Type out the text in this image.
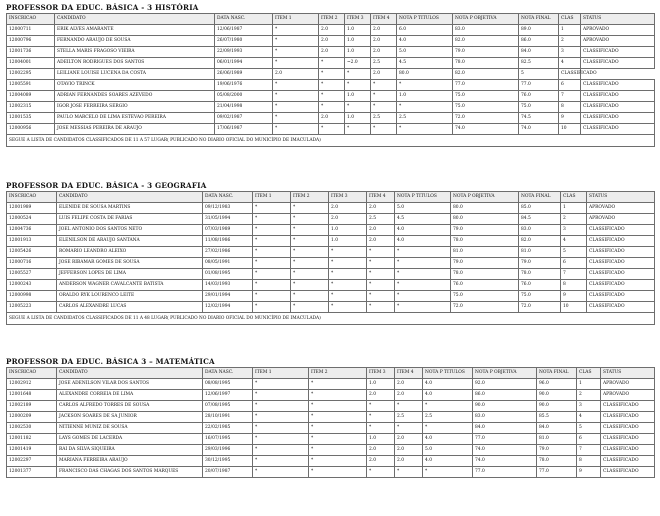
PROFESSOR DA EDUC. BÁSICA - 3 HISTÓRIA
INSCRICAO	CANDIDATO	DATA NASC.	ITEM 1	ITEM 2	ITEM 3	ITEM 4	NOTA P TITULOS	NOTA P OBJETIVA	NOTA FINAL	CLAS	STATUS
12000711	ERIK ALVES AMARANTE	12/06/1987	*	2.0	1.0	2.0	6.0	83.0	89.0	1	APROVADO
12000796	FERNANDO ARAUJO DE SOUSA	26/07/1980	*	2.0	1.0	2.0	4.0	82.0	86.0	2	APROVADO
12001736	STELLA MARIS FRAGOSO VIEIRA	22/09/1993	*	2.0	1.0	2.0	5.0	79.0	84.0	3	CLASSIFICADO
12004001	ADEILTON RODRIGUES DOS SANTOS	06/01/1994	*	*	~2.0	2.5	4.5	78.0	82.5	4	CLASSIFICADO
12002295	LEILIANE LOUISE LUCENA DA COSTA	26/06/1989	2.0	*	*	2.0	80.0	82.0	5	CLASSIFICADO	
12005591	OTAVIO TRINCK	19/06/1976	*	*	*	*	*	77.0	77.0	6	CLASSIFICADO
12004089	ADRIAN FERNANDES SOARES AZEVEDO	05/08/2000	*	*	1.0	*	1.0	75.0	76.0	7	CLASSIFICADO
12002315	IGOR JOSE FERREIRA SERGIO	21/04/1998	*	*	*	*	*	75.0	75.0	8	CLASSIFICADO
12001535	PAULO MARCELO DE LIMA ESTEVAO PEREIRA	09/02/1987	*	2.0	1.0	2.5	2.5	72.0	74.5	9	CLASSIFICADO
12000956	JOSE MESSIAS PEREIRA DE ARAUJO	17/06/1987	*	*	*	*	*	74.0	74.0	10	CLASSIFICADO
SEGUE A LISTA DE CANDIDATOS CLASSIFICADOS DE 11 A 57 LUGAR( PUBLICADO NO DIARIO OFICIAL DO MUNICÍPIO DE IMACULADA)											
PROFESSOR DA EDUC. BÁSICA - 3 GEOGRAFIA
INSCRICAO	CANDIDATO	DATA NASC.	ITEM 1	ITEM 2	ITEM 3	ITEM 4	NOTA P TITULOS	NOTA P OBJETIVA	NOTA FINAL	CLAS	STATUS
12001989	ELENIDE DE SOUSA MARTINS	09/12/1983	*	*	2.0	2.0	5.0	80.0	85.0	1	APROVADO
12000524	LUIS FELIPE COSTA DE FARIAS	31/05/1994	*	*	2.0	2.5	4.5	80.0	84.5	2	APROVADO
12004736	JOEL ANTONIO DOS SANTOS NETO	07/03/1989	*	*	1.0	2.0	4.0	79.0	83.0	3	CLASSIFICADO
12001913	ELENILSON DE ARAUJO SANTANA	11/08/1986	*	*	1.0	2.0	4.0	78.0	82.0	4	CLASSIFICADO
12005426	ROMARIO LEANDRO ALEIXO	27/02/1986	*	*	*	*	*	81.0	81.0	5	CLASSIFICADO
12000716	JOSE RIBAMAR GOMES DE SOUSA	08/05/1991	*	*	*	*	*	79.0	79.0	6	CLASSIFICADO
12005527	JEFFERSON LOPES DE LIMA	01/08/1995	*	*	*	*	*	78.0	78.0	7	CLASSIFICADO
12000243	ANDERSON WAGNER CAVALCANTE BATISTA	14/03/1993	*	*	*	*	*	76.0	76.0	8	CLASSIFICADO
12000998	ORALDO RYK LOURENCO LEITE	29/01/1994	*	*	*	*	*	75.0	75.0	9	CLASSIFICADO
12005223	CARLOS ALEXANDRE LUCAS	12/02/1994	*	*	*	*	*	72.0	72.0	10	CLASSIFICADO
SEGUE A LISTA DE CANDIDATOS CLASSIFICADOS DE 11 A 48 LUGAR( PUBLICADO NO DIARIO OFICIAL DO MUNICÍPIO DE IMACULADA)											
PROFESSOR DA EDUC. BÁSICA 3 – MATEMÁTICA
INSCRICAO	CANDIDATO	DATA NASC.	ITEM 1	ITEM 2	ITEM 3	ITEM 4	NOTA P TITULOS	NOTA P OBJETIVA	NOTA FINAL	CLAS	STATUS
12002912	JOSE ADENILSON VILAR DOS SANTOS	08/08/1995	*	*	1.0	2.0	4.0	92.0	96.0	1	APROVADO
12001648	ALEXANDRE CORREIA DE LIMA	12/06/1997	*	*	2.0	2.0	4.0	86.0	90.0	2	APROVADO
12002189	CARLOS ALFREDO TORRES DE SOUSA	07/08/1995	*	*	*	*	*	90.0	90.0	3	CLASSIFICADO
12000209	JACKSON SOARES DE SA JUNIOR	28/10/1991	*	*	*	2.5	2.5	83.0	85.5	4	CLASSIFICADO
12002530	NITIENNE MUNIZ DE SOUSA	22/02/1985	*	*	*	*	*	84.0	84.0	5	CLASSIFICADO
12001182	LAYS GOMES DE LACERDA	16/07/1995	*	*	1.0	2.0	4.0	77.0	81.0	6	CLASSIFICADO
12001419	RAI DA SILVA SIQUEIRA	29/03/1996	*	*	2.0	2.0	5.0	74.0	79.0	7	CLASSIFICADO
12002297	MARIANA FERREIRA ARAUJO	30/12/1995	*	*	2.0	2.0	4.0	74.0	78.0	8	CLASSIFICADO
12001377	FRANCISCO DAS CHAGAS DOS SANTOS MARQUES	20/07/1987	*	*	*	*	*	77.0	77.0	9	CLASSIFICADO
